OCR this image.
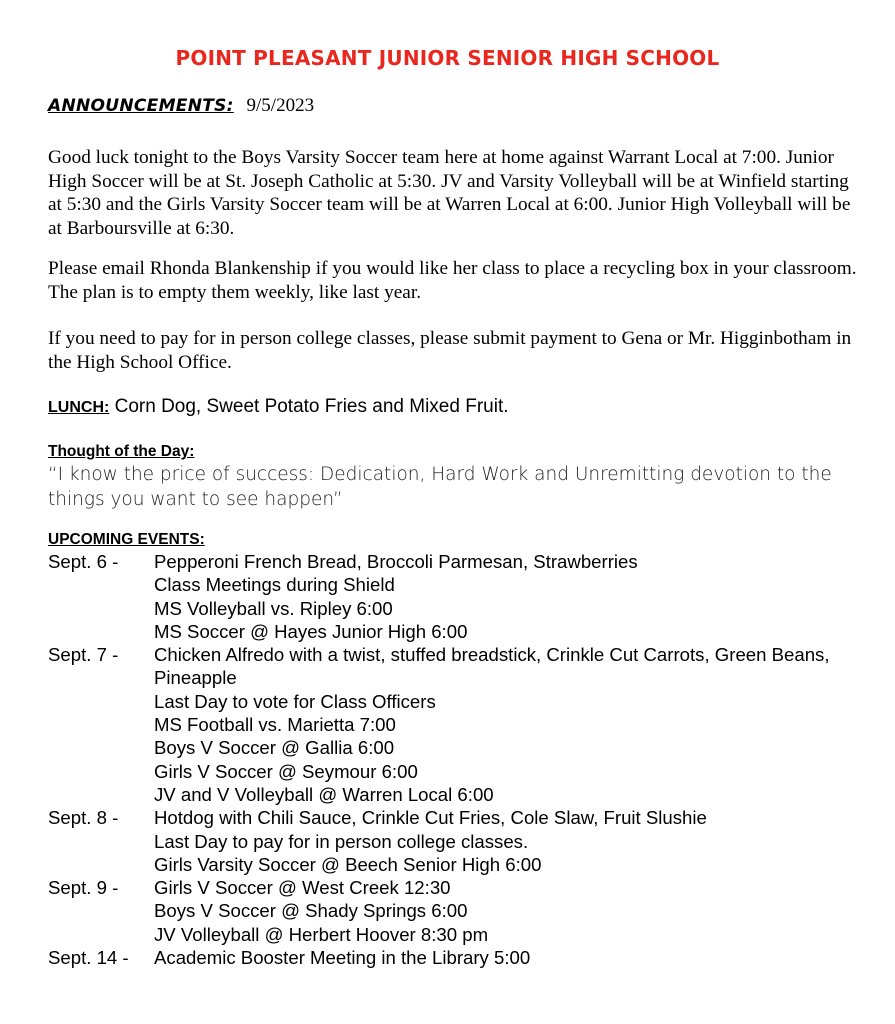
POINT PLEASANT JUNIOR SENIOR HIGH SCHOOL
ANNOUNCEMENTS: 9/5/2023
Good luck tonight to the Boys Varsity Soccer team here at home against Warrant Local at 7:00. Junior High Soccer will be at St. Joseph Catholic at 5:30. JV and Varsity Volleyball will be at Winfield starting at 5:30 and the Girls Varsity Soccer team will be at Warren Local at 6:00. Junior High Volleyball will be at Barboursville at 6:30.
Please email Rhonda Blankenship if you would like her class to place a recycling box in your classroom. The plan is to empty them weekly, like last year.
If you need to pay for in person college classes, please submit payment to Gena or Mr. Higginbotham in the High School Office.
LUNCH: Corn Dog, Sweet Potato Fries and Mixed Fruit.
Thought of the Day:
“I know the price of success: Dedication, Hard Work and Unremitting devotion to the things you want to see happen”
UPCOMING EVENTS:
Sept. 6 -	Pepperoni French Bread, Broccoli Parmesan, Strawberries
Class Meetings during Shield
MS Volleyball vs. Ripley 6:00
MS Soccer @ Hayes Junior High 6:00
Sept. 7 -	Chicken Alfredo with a twist, stuffed breadstick, Crinkle Cut Carrots, Green Beans, Pineapple
Last Day to vote for Class Officers
MS Football vs. Marietta 7:00
Boys V Soccer @ Gallia 6:00
Girls V Soccer @ Seymour 6:00
JV and V Volleyball @ Warren Local 6:00
Sept. 8 -	Hotdog with Chili Sauce, Crinkle Cut Fries, Cole Slaw, Fruit Slushie
Last Day to pay for in person college classes.
Girls Varsity Soccer @ Beech Senior High 6:00
Sept. 9 -	Girls V Soccer @ West Creek 12:30
Boys V Soccer @ Shady Springs 6:00
JV Volleyball @ Herbert Hoover 8:30 pm
Sept. 14 -	Academic Booster Meeting in the Library 5:00
